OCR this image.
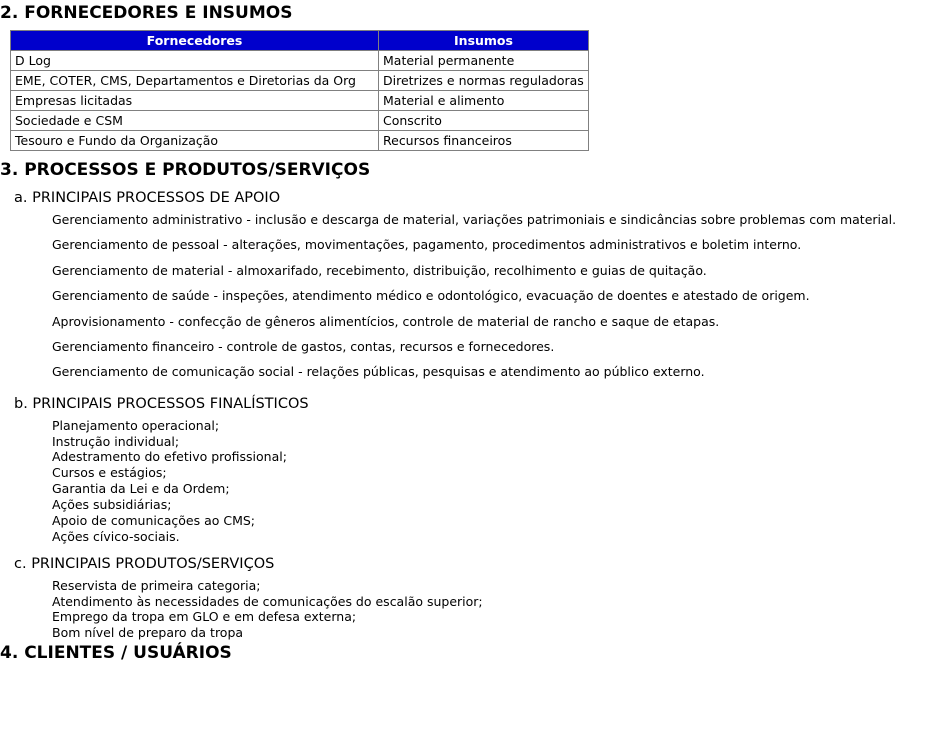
2. FORNECEDORES E INSUMOS
Fornecedores	Insumos
D Log	Material permanente
EME, COTER, CMS, Departamentos e Diretorias da Org	Diretrizes e normas reguladoras
Empresas licitadas	Material e alimento
Sociedade e CSM	Conscrito
Tesouro e Fundo da Organização	Recursos financeiros
3. PROCESSOS E PRODUTOS/SERVIÇOS
a. PRINCIPAIS PROCESSOS DE APOIO
Gerenciamento administrativo - inclusão e descarga de material, variações patrimoniais e sindicâncias sobre problemas com material.
Gerenciamento de pessoal - alterações, movimentações, pagamento, procedimentos administrativos e boletim interno.
Gerenciamento de material - almoxarifado, recebimento, distribuição, recolhimento e guias de quitação.
Gerenciamento de saúde - inspeções, atendimento médico e odontológico, evacuação de doentes e atestado de origem.
Aprovisionamento - confecção de gêneros alimentícios, controle de material de rancho e saque de etapas.
Gerenciamento financeiro - controle de gastos, contas, recursos e fornecedores.
Gerenciamento de comunicação social - relações públicas, pesquisas e atendimento ao público externo.
b. PRINCIPAIS PROCESSOS FINALÍSTICOS
Planejamento operacional;
Instrução individual;
Adestramento do efetivo profissional;
Cursos e estágios;
Garantia da Lei e da Ordem;
Ações subsidiárias;
Apoio de comunicações ao CMS;
Ações cívico-sociais.
c. PRINCIPAIS PRODUTOS/SERVIÇOS
Reservista de primeira categoria;
Atendimento às necessidades de comunicações do escalão superior;
Emprego da tropa em GLO e em defesa externa;
Bom nível de preparo da tropa
4. CLIENTES / USUÁRIOS
